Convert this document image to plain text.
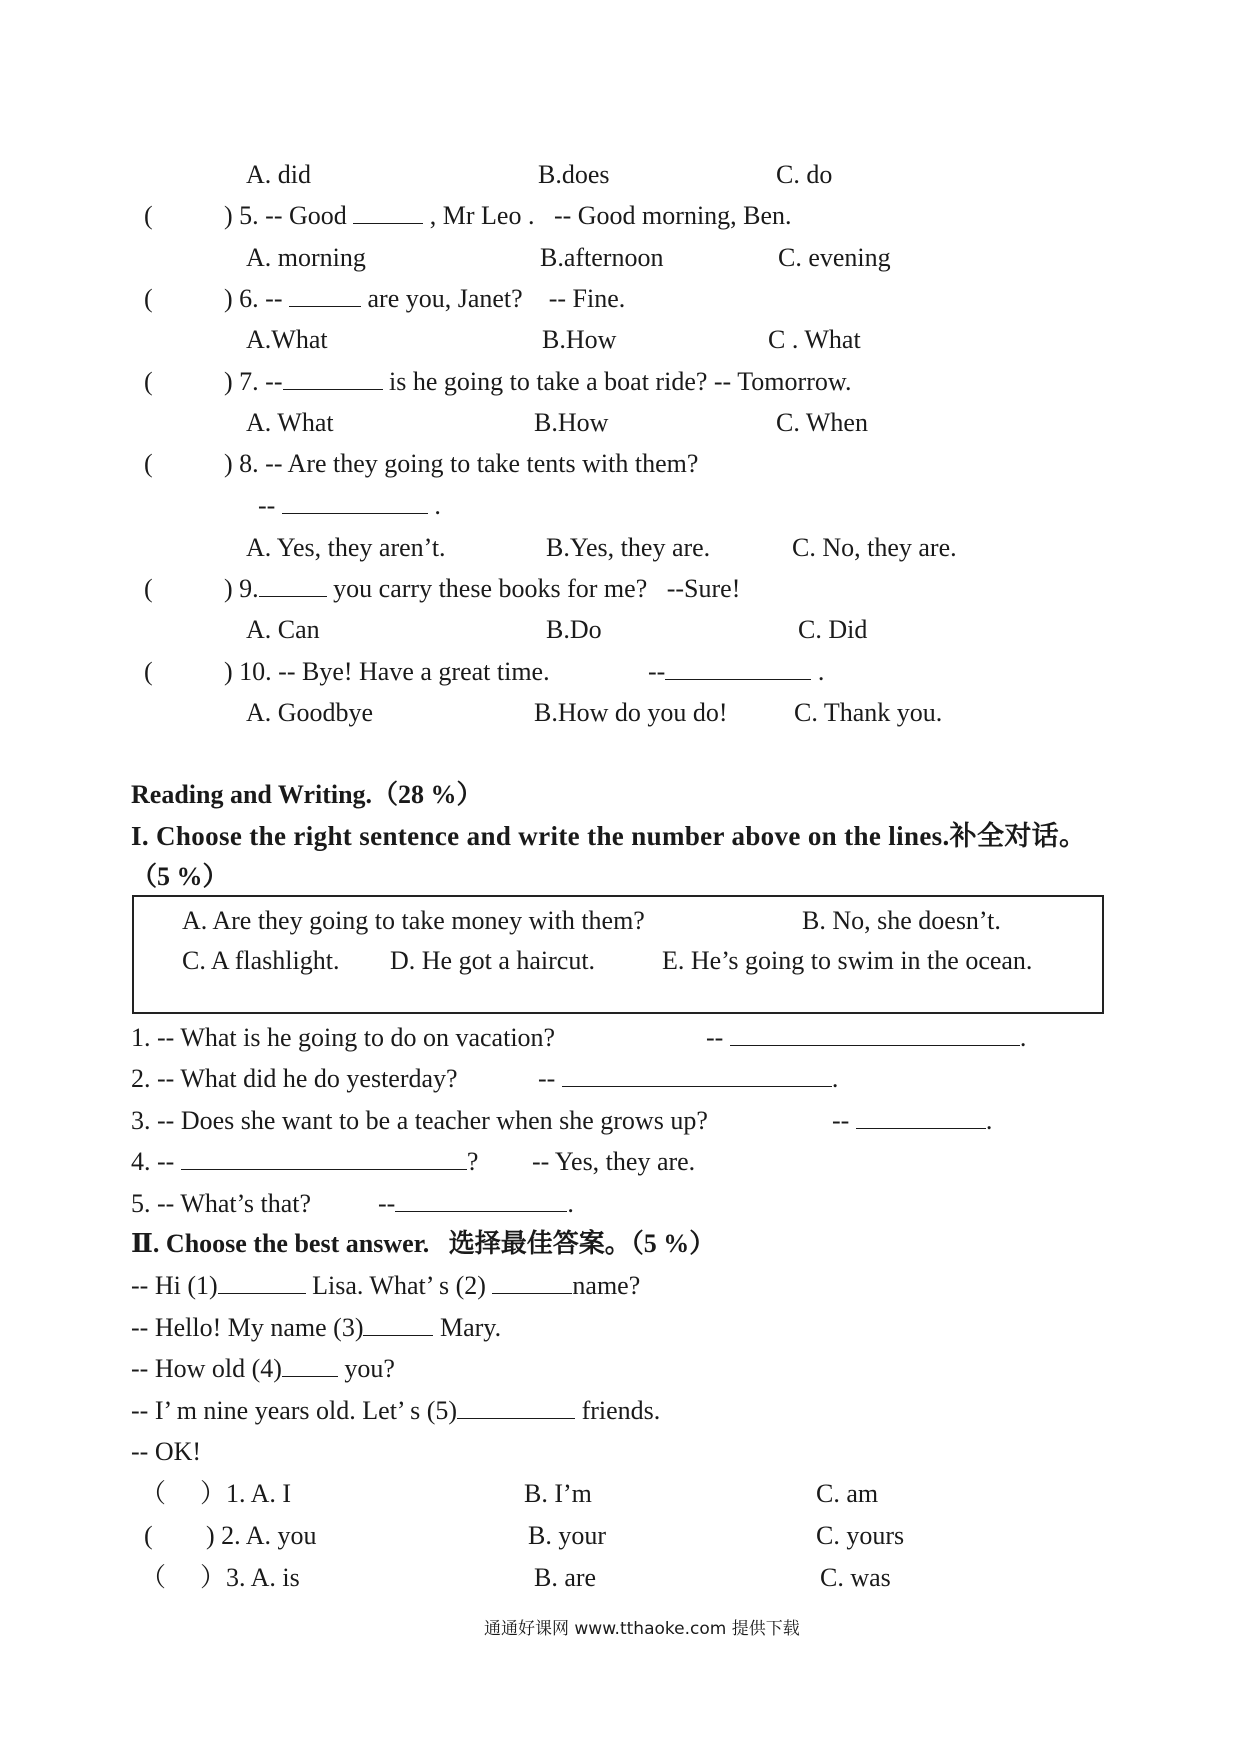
A. did	B.does	C. do
(	) 5. -- Good	, Mr Leo . -- Good morning, Ben.
A. morning	B.afternoon	C. evening
(	) 6. --	are you, Janet? -- Fine.
A.What	B.How	C . What
(	) 7. --	is he going to take a boat ride? -- Tomorrow.
A. What	B.How	C. When
(	) 8. -- Are they going to take tents with them?
--	.
A. Yes, they aren’t.	B.Yes, they are.	C. No, they are.
(	) 9.	you carry these books for me? --Sure!
A. Can	B.Do	C. Did
(	) 10. -- Bye! Have a great time.	--	.
A. Goodbye	B.How do you do!	C. Thank you.
Reading and Writing.（28 %）
I. Choose the right sentence and write the number above on the lines.补全对话。
（5 %）
A. Are they going to take money with them?	B. No, she doesn’t.
C. A flashlight. D. He got a haircut.	E. He’s going to swim in the ocean.
1. -- What is he going to do on vacation?	--	.
2. -- What did he do yesterday?	--	.
3. -- Does she want to be a teacher when she grows up?	--	.
4. --	? -- Yes, they are.
5. -- What’s that?	--	.
Ⅱ. Choose the best answer.   选择最佳答案。（5 %）
-- Hi (1)	Lisa. What’ s (2)	name?
-- Hello! My name (3)	Mary.
-- How old (4) you?
-- I’ m nine years old. Let’ s (5)	friends.
-- OK!
（ ）1. A. I	B. I’m	C. am
( ) 2. A. you	B. your	C. yours
（ ）3. A. is	B. are	C. was
通通好课网 www.tthaoke.com 提供下载
